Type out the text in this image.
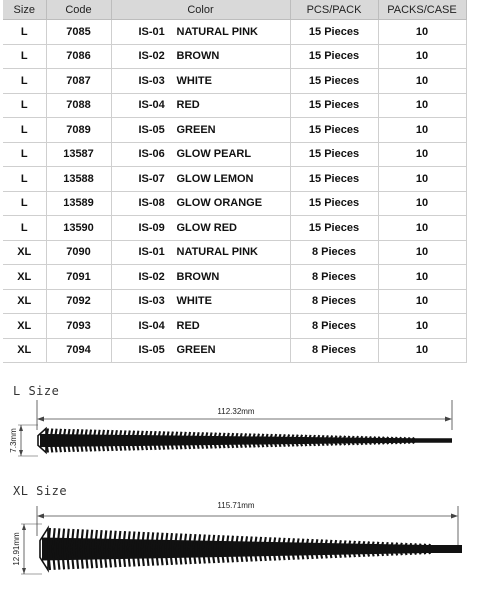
Size	Code	Color	PCS/PACK	PACKS/CASE
L	7085	IS-01 NATURAL PINK	15 Pieces	10
L	7086	IS-02 BROWN	15 Pieces	10
L	7087	IS-03 WHITE	15 Pieces	10
L	7088	IS-04 RED	15 Pieces	10
L	7089	IS-05 GREEN	15 Pieces	10
L	13587	IS-06 GLOW PEARL	15 Pieces	10
L	13588	IS-07 GLOW LEMON	15 Pieces	10
L	13589	IS-08 GLOW ORANGE	15 Pieces	10
L	13590	IS-09 GLOW RED	15 Pieces	10
XL	7090	IS-01 NATURAL PINK	8 Pieces	10
XL	7091	IS-02 BROWN	8 Pieces	10
XL	7092	IS-03 WHITE	8 Pieces	10
XL	7093	IS-04 RED	8 Pieces	10
XL	7094	IS-05 GREEN	8 Pieces	10
L Size
112.32mm
7.3mm
XL Size
115.71mm
12.91mm
